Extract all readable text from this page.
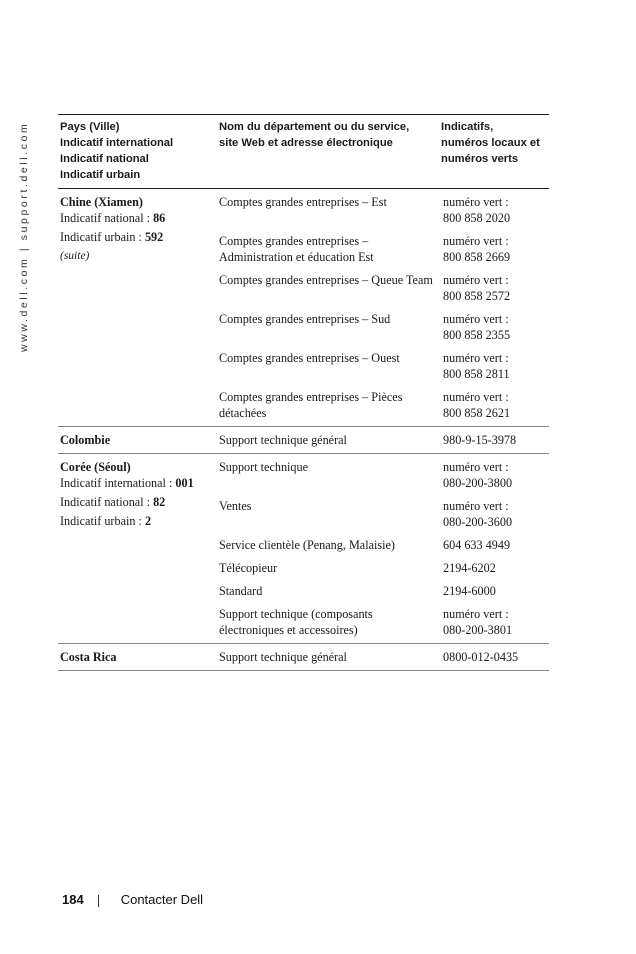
www.dell.com | support.dell.com	Pays (Ville)
Indicatif international
Indicatif national
Indicatif urbain	Nom du département ou du service,
site Web et adresse électronique	Indicatifs,
numéros locaux et
numéros verts

Chine (Xiamen)
Indicatif national : 86
Indicatif urbain : 592
(suite)	Comptes grandes entreprises – Est	numéro vert :
800 858 2020

	Comptes grandes entreprises – Administration et éducation Est	numéro vert :
800 858 2669

	Comptes grandes entreprises – Queue Team	numéro vert :
800 858 2572

	Comptes grandes entreprises – Sud	numéro vert :
800 858 2355

	Comptes grandes entreprises – Ouest	numéro vert :
800 858 2811

	Comptes grandes entreprises – Pièces détachées	numéro vert :
800 858 2621

Colombie	Support technique général	980-9-15-3978

Corée (Séoul)
Indicatif international : 001
Indicatif national : 82
Indicatif urbain : 2	Support technique	numéro vert :
080-200-3800

	Ventes	numéro vert :
080-200-3600

	Service clientèle (Penang, Malaisie)	604 633 4949
	Télécopieur	2194-6202
	Standard	2194-6000
	Support technique (composants électroniques et accessoires)	numéro vert :
080-200-3801

Costa Rica	Support technique général	0800-012-0435
184	Contacter Dell
